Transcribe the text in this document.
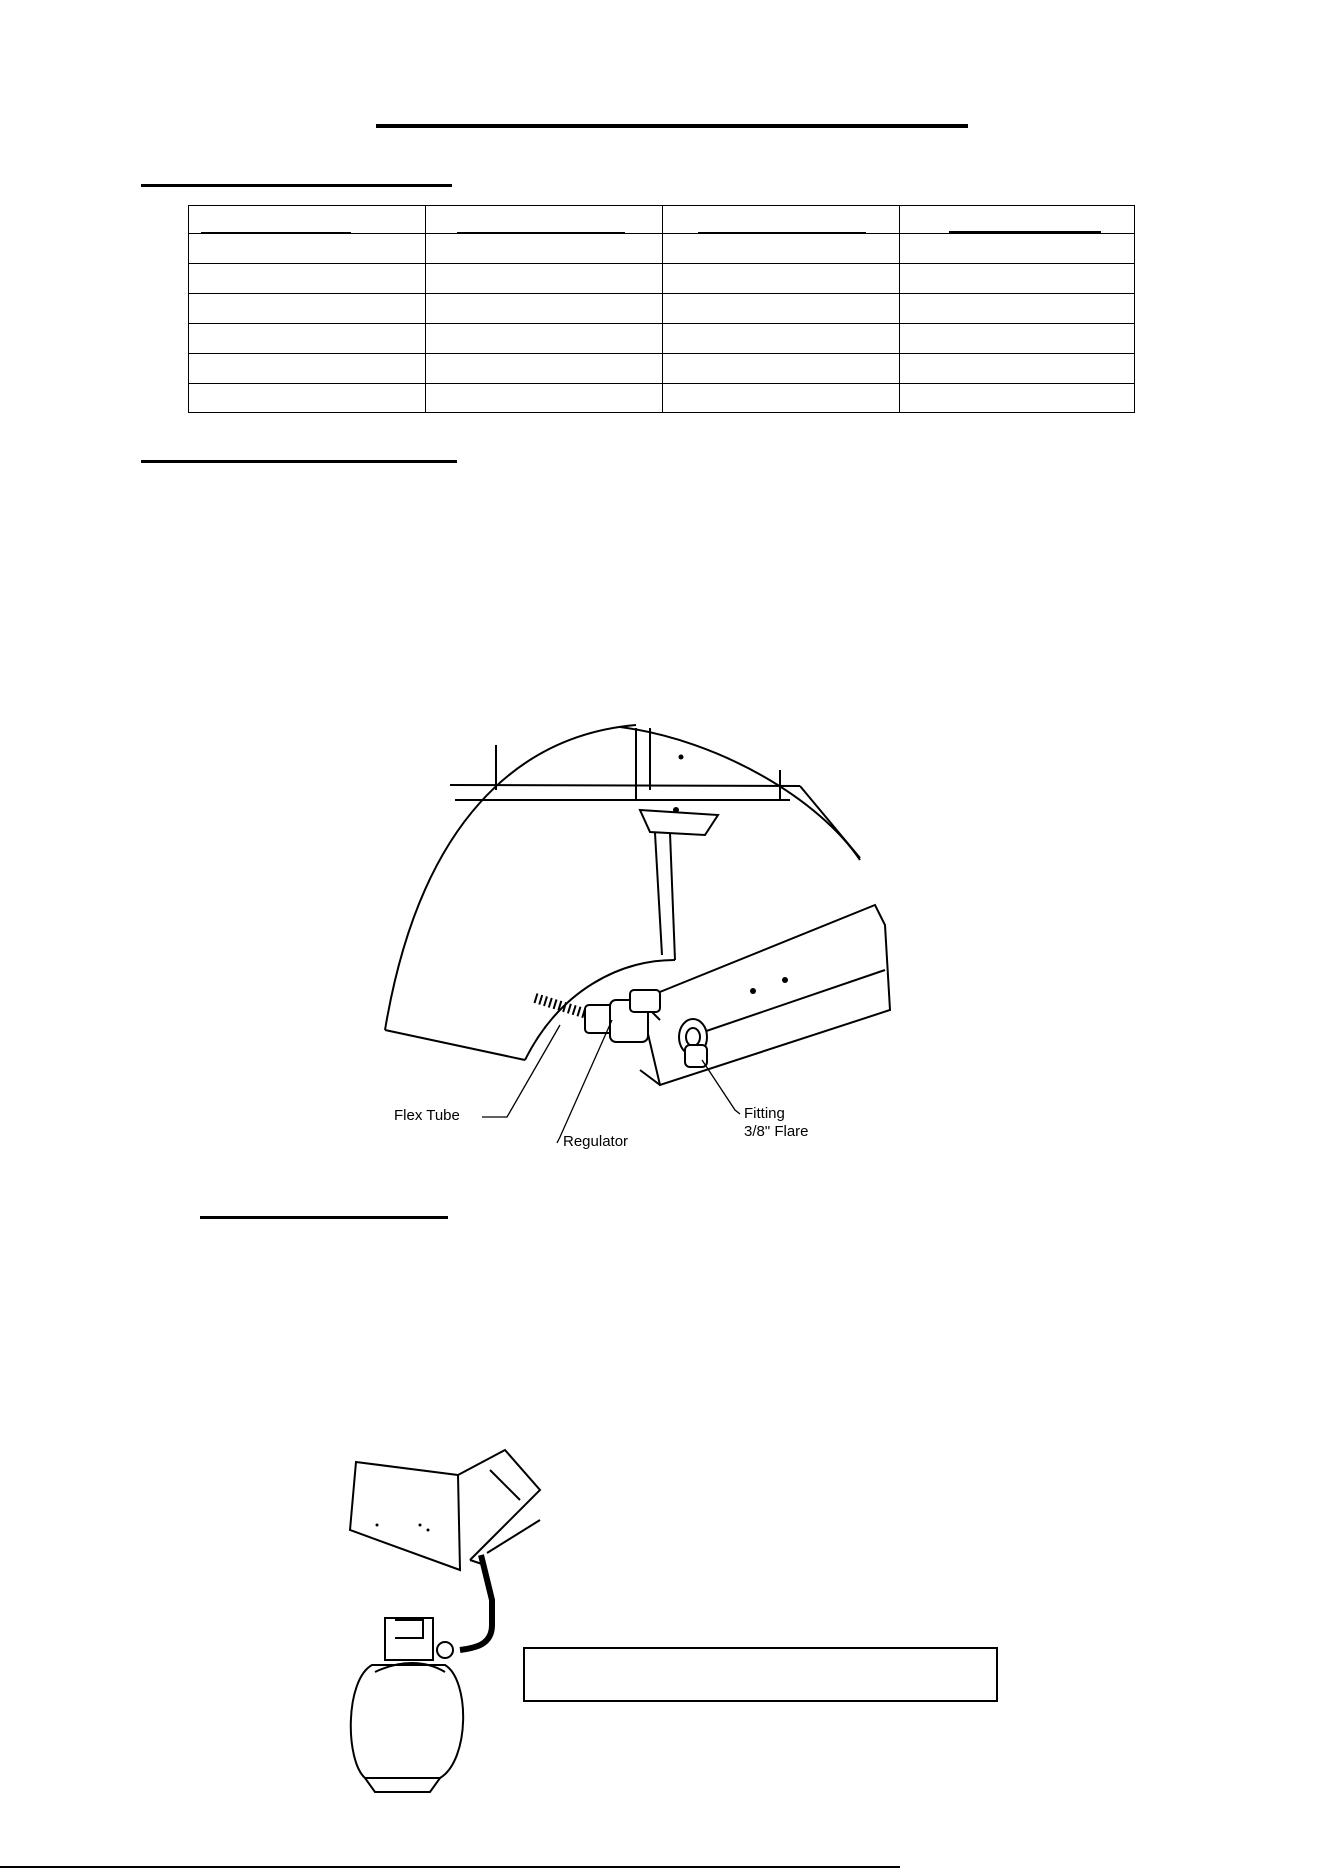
Flex Tube
Regulator
Fitting
3/8" Flare
